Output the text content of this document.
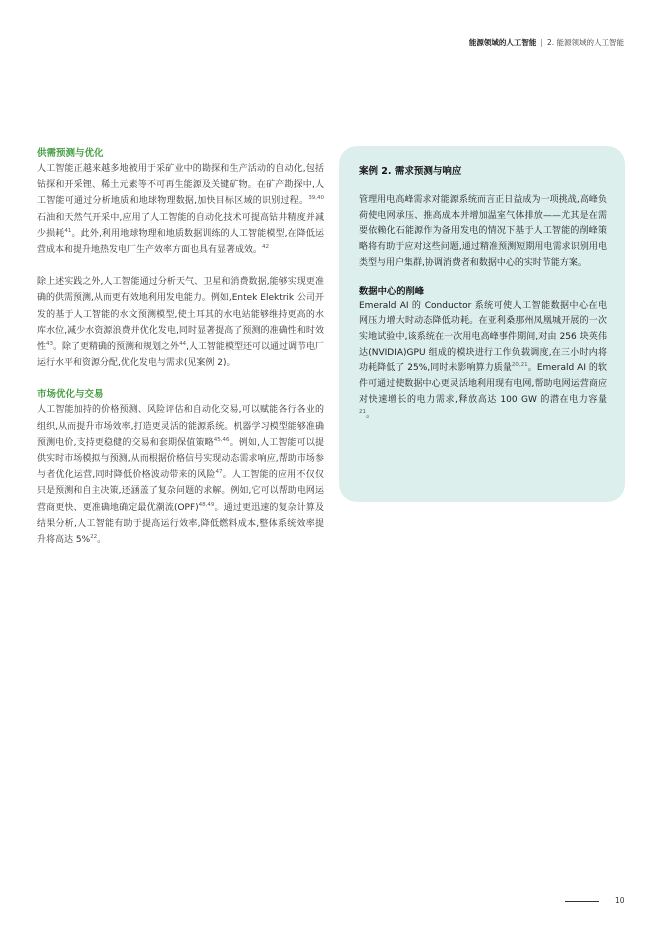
能源领域的人工智能 | 2. 能源领域的人工智能
供需预测与优化

人工智能正越来越多地被用于采矿业中的勘探和生产活动的自动化,包括钻探和开采锂、稀土元素等不可再生能源及关键矿物。在矿产勘探中,人工智能可通过分析地质和地球物理数据,加快目标区域的识别过程。$^{39,40}$石油和天然气开采中,应用了人工智能的自动化技术可提高钻井精度并减少损耗$^{41}$。此外,利用地球物理和地质数据训练的人工智能模型,在降低运营成本和提升地热发电厂生产效率方面也具有显著成效。$^{42}$

除上述实践之外,人工智能通过分析天气、卫星和消费数据,能够实现更准确的供需预测,从而更有效地利用发电能力。例如,Entek Elektrik 公司开发的基于人工智能的水文预测模型,使土耳其的水电站能够维持更高的水库水位,减少水资源浪费并优化发电,同时显著提高了预测的准确性和时效性$^{43}$。除了更精确的预测和规划之外$^{44}$,人工智能模型还可以通过调节电厂运行水平和资源分配,优化发电与需求(见案例 2)。

市场优化与交易

人工智能加持的价格预测、风险评估和自动化交易,可以赋能各行各业的组织,从而提升市场效率,打造更灵活的能源系统。机器学习模型能够准确预测电价,支持更稳健的交易和套期保值策略$^{45,46}$。例如,人工智能可以提供实时市场模拟与预测,从而根据价格信号实现动态需求响应,帮助市场参与者优化运营,同时降低价格波动带来的风险$^{47}$。人工智能的应用不仅仅只是预测和自主决策,还涵盖了复杂问题的求解。例如,它可以帮助电网运营商更快、更准确地确定最优潮流(OPF)$^{48,49}$。通过更迅速的复杂计算及结果分析,人工智能有助于提高运行效率,降低燃料成本,整体系统效率提升将高达 5%$^{22}$。

案例 2. 需求预测与响应

管理用电高峰需求对能源系统而言正日益成为一项挑战,高峰负荷使电网承压、推高成本并增加温室气体排放——尤其是在需要依赖化石能源作为备用发电的情况下基于人工智能的削峰策略将有助于应对这些问题,通过精准预测短期用电需求识别用电类型与用户集群,协调消费者和数据中心的实时节能方案。

数据中心的削峰

Emerald AI 的 Conductor 系统可使人工智能数据中心在电网压力增大时动态降低功耗。在亚利桑那州凤凰城开展的一次实地试验中,该系统在一次用电高峰事件期间,对由 256 块英伟达(NVIDIA)GPU 组成的模块进行工作负载调度,在三小时内将功耗降低了 25%,同时未影响算力质量$^{20,21}$。Emerald AI 的软件可通过使数据中心更灵活地利用现有电网,帮助电网运营商应对快速增长的电力需求,释放高达 100 GW 的潜在电力容量$^{21}$。

10
